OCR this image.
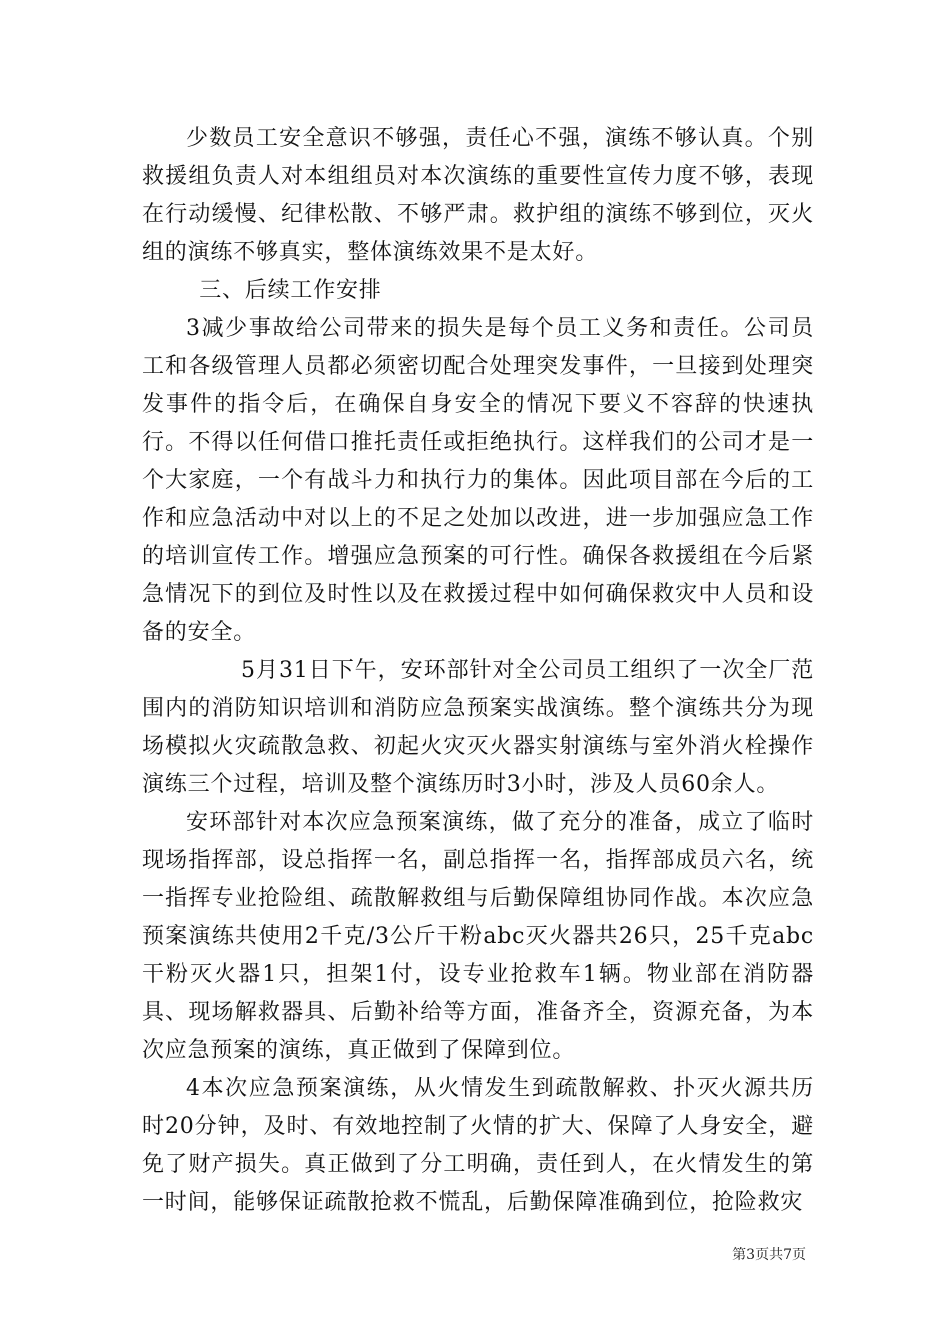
少数员工安全意识不够强，责任心不强，演练不够认真。个别救援组负责人对本组组员对本次演练的重要性宣传力度不够，表现在行动缓慢、纪律松散、不够严肃。救护组的演练不够到位，灭火组的演练不够真实，整体演练效果不是太好。

三、后续工作安排

3减少事故给公司带来的损失是每个员工义务和责任。公司员工和各级管理人员都必须密切配合处理突发事件，一旦接到处理突发事件的指令后，在确保自身安全的情况下要义不容辞的快速执行。不得以任何借口推托责任或拒绝执行。这样我们的公司才是一个大家庭，一个有战斗力和执行力的集体。因此项目部在今后的工作和应急活动中对以上的不足之处加以改进，进一步加强应急工作的培训宣传工作。增强应急预案的可行性。确保各救援组在今后紧急情况下的到位及时性以及在救援过程中如何确保救灾中人员和设备的安全。

5月31日下午，安环部针对全公司员工组织了一次全厂范围内的消防知识培训和消防应急预案实战演练。整个演练共分为现场模拟火灾疏散急救、初起火灾灭火器实射演练与室外消火栓操作演练三个过程，培训及整个演练历时3小时，涉及人员60余人。

安环部针对本次应急预案演练，做了充分的准备，成立了临时现场指挥部，设总指挥一名，副总指挥一名，指挥部成员六名，统一指挥专业抢险组、疏散解救组与后勤保障组协同作战。本次应急预案演练共使用2千克/3公斤干粉abc灭火器共26只，25千克abc干粉灭火器1只，担架1付，设专业抢救车1辆。物业部在消防器具、现场解救器具、后勤补给等方面，准备齐全，资源充备，为本次应急预案的演练，真正做到了保障到位。

4本次应急预案演练，从火情发生到疏散解救、扑灭火源共历时20分钟，及时、有效地控制了火情的扩大、保障了人身安全，避免了财产损失。真正做到了分工明确，责任到人，在火情发生的第一时间，能够保证疏散抢救不慌乱，后勤保障准确到位，抢险救灾

第3页共7页
